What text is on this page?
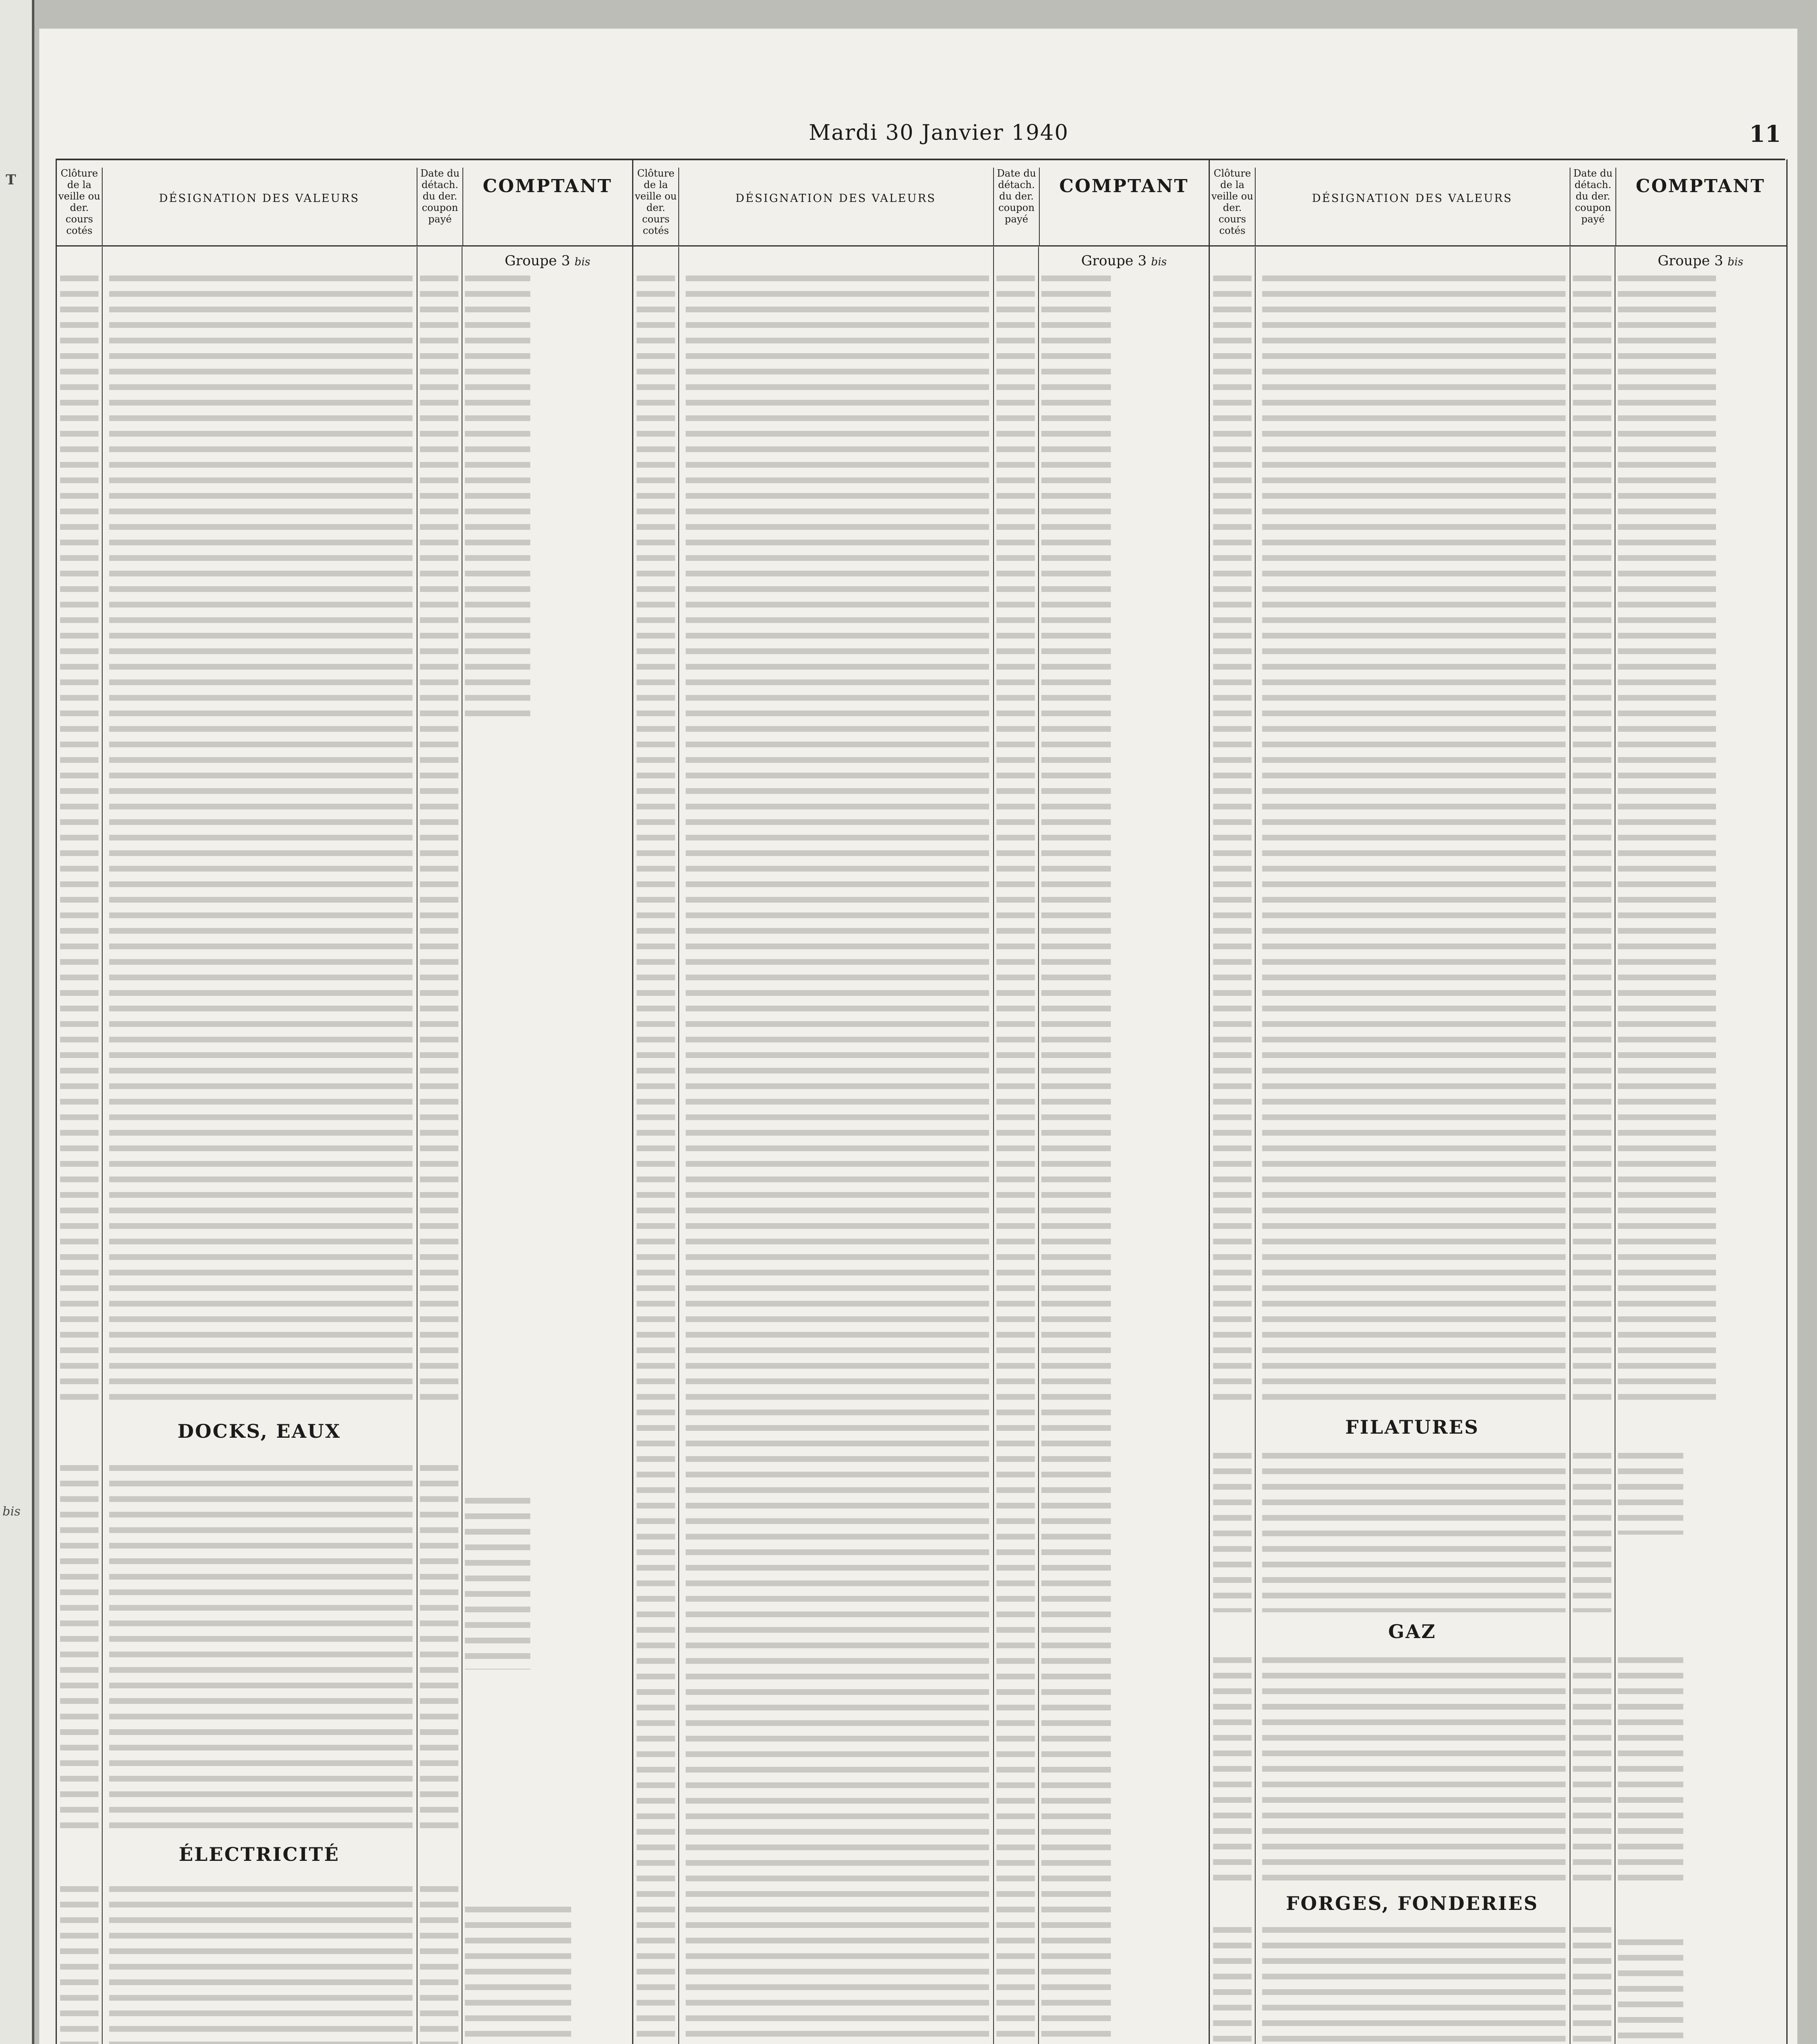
T
bis
Mardi 30 Janvier 1940	11
Clôture de la veille ou der. cours cotés
DÉSIGNATION DES VALEURS
Date du détach. du der. coupon payé
COMPTANT
Groupe 3 bis
DOCKS, EAUX
ÉLECTRICITÉ
Clôture de la veille ou der. cours cotés
DÉSIGNATION DES VALEURS
Date du détach. du der. coupon payé
COMPTANT
Groupe 3 bis
Clôture de la veille ou der. cours cotés
DÉSIGNATION DES VALEURS
Date du détach. du der. coupon payé
COMPTANT
Groupe 3 bis
FILATURES
GAZ
FORGES, FONDERIES
